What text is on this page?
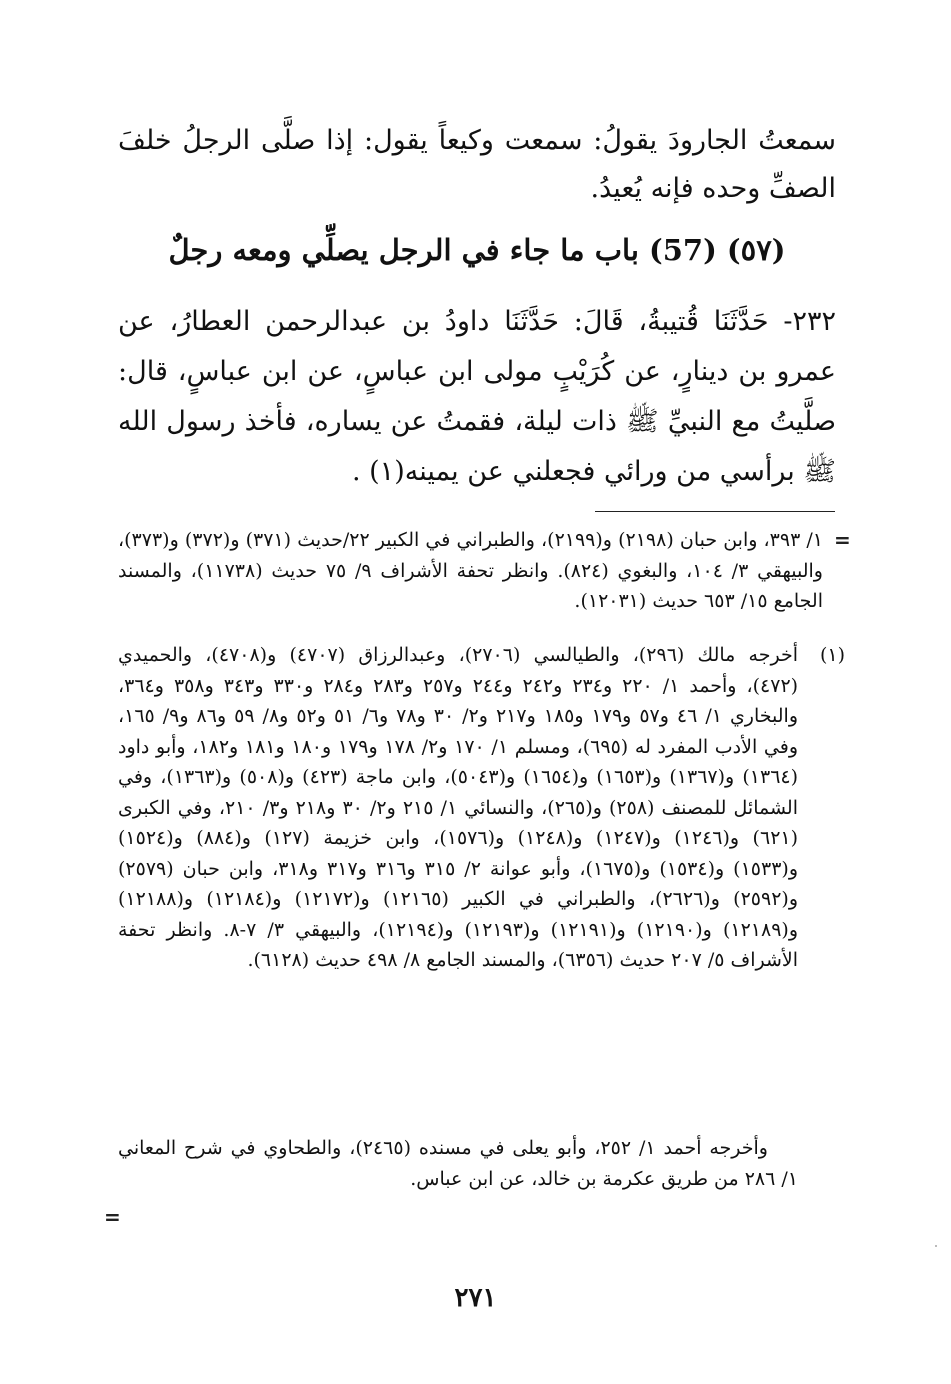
سمعتُ الجارودَ يقولُ: سمعت وكيعاً يقول: إذا صلَّى الرجلُ خلفَ الصفِّ وحده فإنه يُعيدُ.

(٥٧) (57) باب ما جاء في الرجل يصلِّي ومعه رجلٌ

٢٣٢- حَدَّثَنَا قُتيبةُ، قَالَ: حَدَّثَنَا داودُ بن عبدالرحمن العطارُ، عن عمرو بن دينارٍ، عن كُرَيْبٍ مولى ابن عباسٍ، عن ابن عباسٍ، قال: صلَّيتُ مع النبيِّ ﷺ ذات ليلة، فقمتُ عن يساره، فأخذ رسول الله ﷺ برأسي من ورائي فجعلني عن يمينه(١) .

=

١/ ٣٩٣، وابن حبان (٢١٩٨) و(٢١٩٩)، والطبراني في الكبير ٢٢/حديث (٣٧١) و(٣٧٢) و(٣٧٣)، والبيهقي ٣/ ١٠٤، والبغوي (٨٢٤). وانظر تحفة الأشراف ٩/ ٧٥ حديث (١١٧٣٨)، والمسند الجامع ١٥/ ٦٥٣ حديث (١٢٠٣١).

(١)

أخرجه مالك (٢٩٦)، والطيالسي (٢٧٠٦)، وعبدالرزاق (٤٧٠٧) و(٤٧٠٨)، والحميدي (٤٧٢)، وأحمد ١/ ٢٢٠ و٢٣٤ و٢٤٢ و٢٤٤ و٢٥٧ و٢٨٣ و٢٨٤ و٣٣٠ و٣٤٣ و٣٥٨ و٣٦٤، والبخاري ١/ ٤٦ و٥٧ و١٧٩ و١٨٥ و٢١٧ و٢/ ٣٠ و٧٨ و٦/ ٥١ و٥٢ و٨/ ٥٩ و٨٦ و٩/ ١٦٥، وفي الأدب المفرد له (٦٩٥)، ومسلم ١/ ١٧٠ و٢/ ١٧٨ و١٧٩ و١٨٠ و١٨١ و١٨٢، وأبو داود (١٣٦٤) و(١٣٦٧) و(١٦٥٣) و(١٦٥٤) و(٥٠٤٣)، وابن ماجة (٤٢٣) و(٥٠٨) و(١٣٦٣)، وفي الشمائل للمصنف (٢٥٨) و(٢٦٥)، والنسائي ١/ ٢١٥ و٢/ ٣٠ و٢١٨ و٣/ ٢١٠، وفي الكبرى (٦٢١) و(١٢٤٦) و(١٢٤٧) و(١٢٤٨) و(١٥٧٦)، وابن خزيمة (١٢٧) و(٨٨٤) و(١٥٢٤) و(١٥٣٣) و(١٥٣٤) و(١٦٧٥)، وأبو عوانة ٢/ ٣١٥ و٣١٦ و٣١٧ و٣١٨، وابن حبان (٢٥٧٩) و(٢٥٩٢) و(٢٦٢٦)، والطبراني في الكبير (١٢١٦٥) و(١٢١٧٢) و(١٢١٨٤) و(١٢١٨٨) و(١٢١٨٩) و(١٢١٩٠) و(١٢١٩١) و(١٢١٩٣) و(١٢١٩٤)، والبيهقي ٣/ ٧-٨. وانظر تحفة الأشراف ٥/ ٢٠٧ حديث (٦٣٥٦)، والمسند الجامع ٨/ ٤٩٨ حديث (٦١٢٨).

وأخرجه أحمد ١/ ٢٥٢، وأبو يعلى في مسنده (٢٤٦٥)، والطحاوي في شرح المعاني ١/ ٢٨٦ من طريق عكرمة بن خالد، عن ابن عباس.

=
٢٧١
